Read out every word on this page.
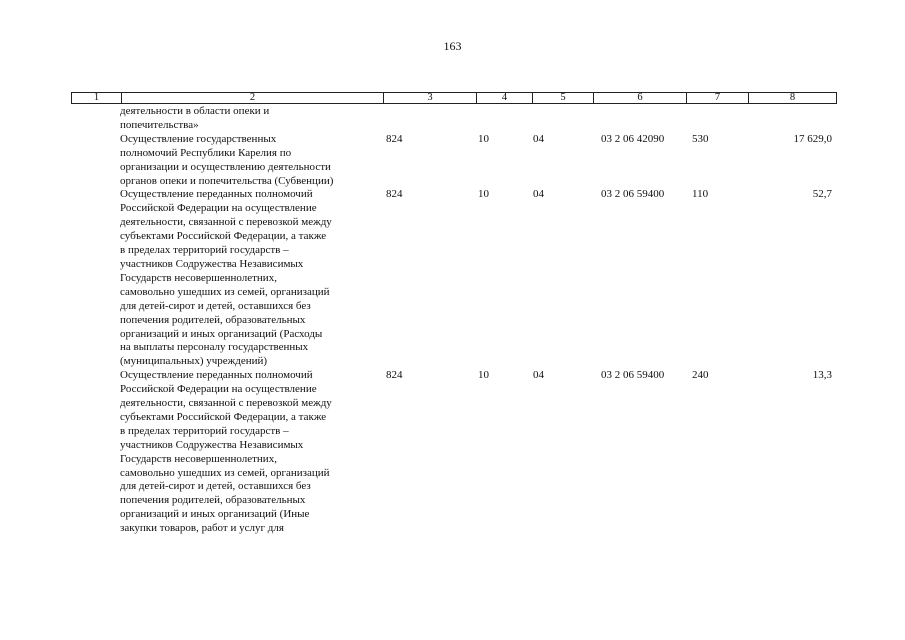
163
1	2	3	4	5	6	7	8
деятельности в области опеки и
попечительства»
Осуществление государственных
полномочий Республики Карелия по
организации и осуществлению деятельности
органов опеки и попечительства (Субвенции)
824	10	04	03 2 06 42090	530	17 629,0
Осуществление переданных полномочий
Российской Федерации на осуществление
деятельности, связанной с перевозкой между
субъектами Российской Федерации, а также
в пределах территорий государств –
участников Содружества Независимых
Государств несовершеннолетних,
самовольно ушедших из семей, организаций
для детей-сирот и детей, оставшихся без
попечения родителей, образовательных
организаций и иных организаций (Расходы
на выплаты персоналу государственных
(муниципальных) учреждений)
824	10	04	03 2 06 59400	110	52,7
Осуществление переданных полномочий
Российской Федерации на осуществление
деятельности, связанной с перевозкой между
субъектами Российской Федерации, а также
в пределах территорий государств –
участников Содружества Независимых
Государств несовершеннолетних,
самовольно ушедших из семей, организаций
для детей-сирот и детей, оставшихся без
попечения родителей, образовательных
организаций и иных организаций (Иные
закупки товаров, работ и услуг для
824	10	04	03 2 06 59400	240	13,3
